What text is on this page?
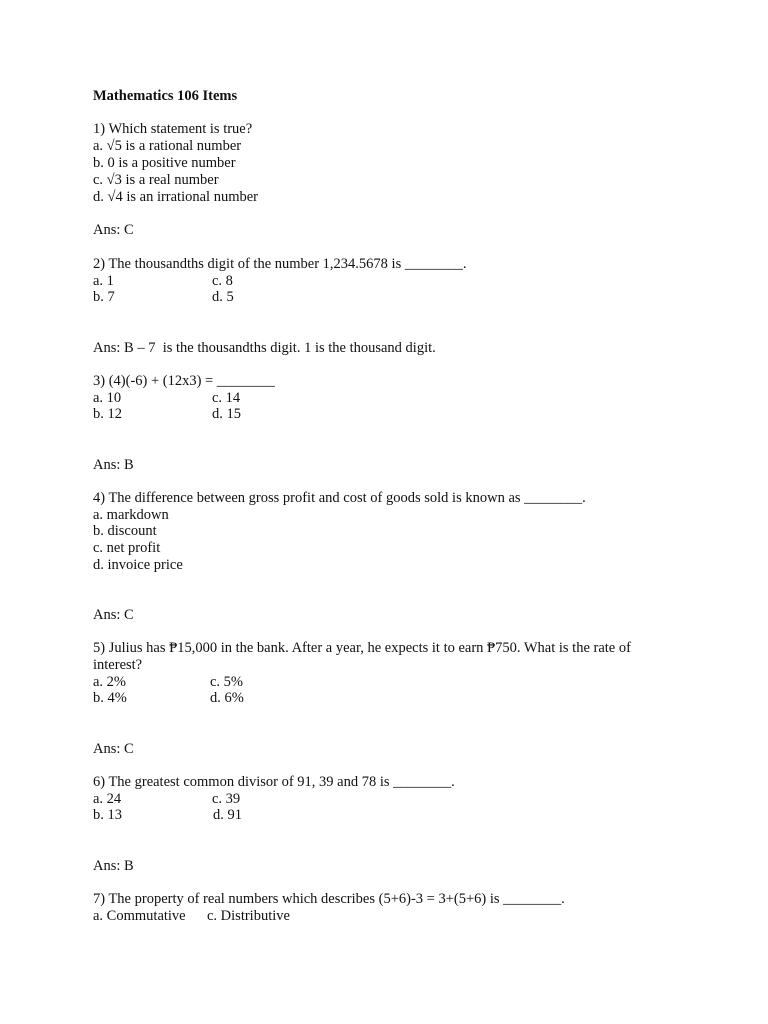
Mathematics 106 Items
1) Which statement is true?
a. √5 is a rational number
b. 0 is a positive number
c. √3 is a real number
d. √4 is an irrational number
Ans: C
2) The thousandths digit of the number 1,234.5678 is ________.
a. 1	c. 8
b. 7	d. 5
Ans: B – 7  is the thousandths digit. 1 is the thousand digit.
3) (4)(-6) + (12x3) = ________
a. 10	c. 14
b. 12	d. 15
Ans: B
4) The difference between gross profit and cost of goods sold is known as ________.
a. markdown
b. discount
c. net profit
d. invoice price
Ans: C
5) Julius has ₱15,000 in the bank. After a year, he expects it to earn ₱750. What is the rate of
interest?
a. 2%	c. 5%
b. 4%	d. 6%
Ans: C
6) The greatest common divisor of 91, 39 and 78 is ________.
a. 24	c. 39
b. 13	d. 91
Ans: B
7) The property of real numbers which describes (5+6)-3 = 3+(5+6) is ________.
a. Commutative c. Distributive
